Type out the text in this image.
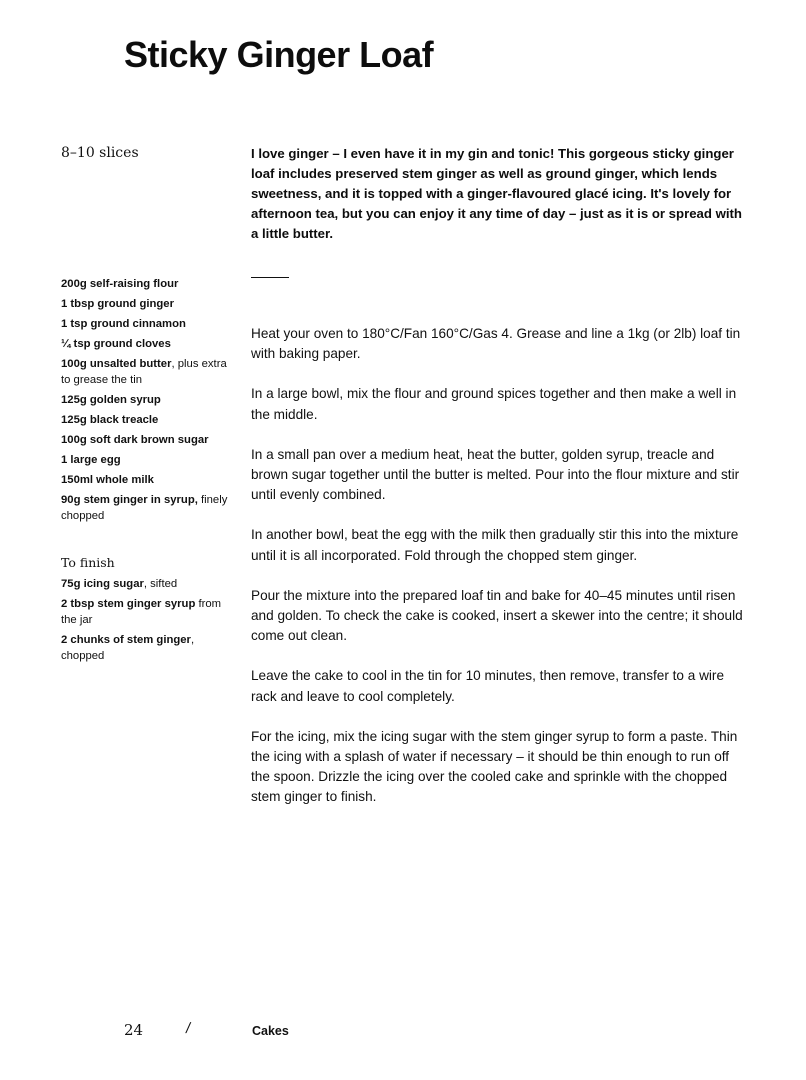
Sticky Ginger Loaf
8–10 slices	I love ginger – I even have it in my gin and tonic! This gorgeous sticky ginger loaf includes preserved stem ginger as well as ground ginger, which lends sweetness, and it is topped with a ginger-flavoured glacé icing. It's lovely for afternoon tea, but you can enjoy it any time of day – just as it is or spread with a little butter.

200g self-raising flour
1 tbsp ground ginger
1 tsp ground cinnamon
¼ tsp ground cloves
100g unsalted butter, plus extra to grease the tin
125g golden syrup
125g black treacle
100g soft dark brown sugar
1 large egg
150ml whole milk
90g stem ginger in syrup, finely chopped
To finish
75g icing sugar, sifted
2 tbsp stem ginger syrup from the jar
2 chunks of stem ginger, chopped

Heat your oven to 180°C/Fan 160°C/Gas 4. Grease and line a 1kg (or 2lb) loaf tin with baking paper.

In a large bowl, mix the flour and ground spices together and then make a well in the middle.

In a small pan over a medium heat, heat the butter, golden syrup, treacle and brown sugar together until the butter is melted. Pour into the flour mixture and stir until evenly combined.

In another bowl, beat the egg with the milk then gradually stir this into the mixture until it is all incorporated. Fold through the chopped stem ginger.

Pour the mixture into the prepared loaf tin and bake for 40–45 minutes until risen and golden. To check the cake is cooked, insert a skewer into the centre; it should come out clean.

Leave the cake to cool in the tin for 10 minutes, then remove, transfer to a wire rack and leave to cool completely.

For the icing, mix the icing sugar with the stem ginger syrup to form a paste. Thin the icing with a splash of water if necessary – it should be thin enough to run off the spoon. Drizzle the icing over the cooled cake and sprinkle with the chopped stem ginger to finish.

24	/	Cakes
